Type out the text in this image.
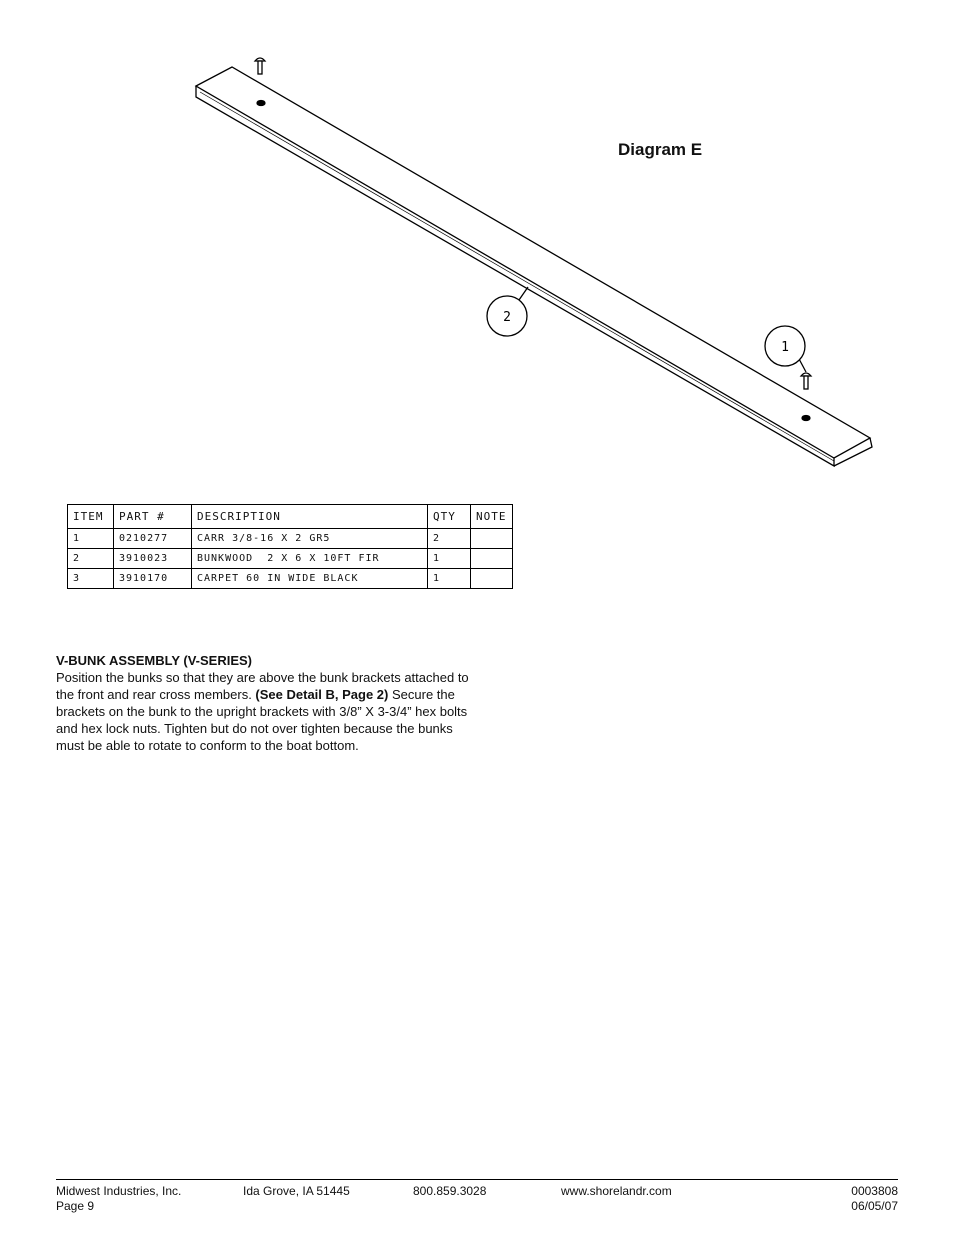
2
1
Diagram E
ITEM	PART #	DESCRIPTION	QTY	NOTE
1	0210277	CARR 3/8-16 X 2 GR5	2	
2	3910023	BUNKWOOD  2 X 6 X 10FT FIR	1	
3	3910170	CARPET 60 IN WIDE BLACK	1	
V-BUNK ASSEMBLY (V-SERIES)

Position the bunks so that they are above the bunk brackets attached to the front and rear cross members. (See Detail B, Page 2) Secure the brackets on the bunk to the upright brackets with 3/8” X 3-3/4” hex bolts and hex lock nuts. Tighten but do not over tighten because the bunks must be able to rotate to conform to the boat bottom.

Midwest Industries, Inc.
Page 9
Ida Grove, IA 51445	800.859.3028	www.shorelandr.com	0003808
06/05/07
